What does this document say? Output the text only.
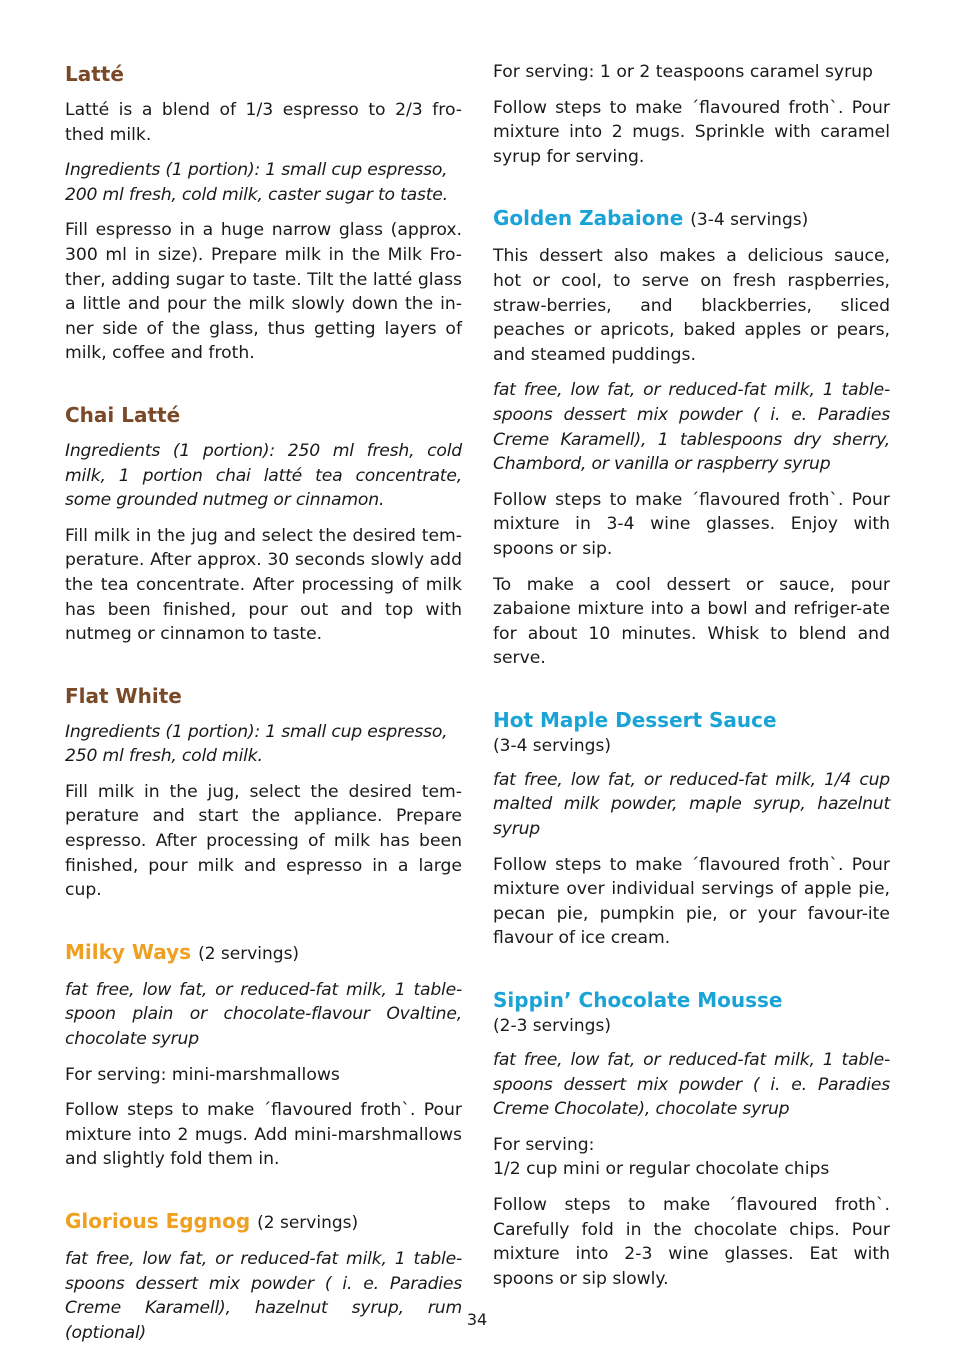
Latté

Latté is a blend of 1/3 espresso to 2/3 fro-thed milk.

Ingredients (1 portion): 1 small cup espresso, 200 ml fresh, cold milk, caster sugar to taste.

Fill espresso in a huge narrow glass (approx. 300 ml in size). Prepare milk in the Milk Fro-ther, adding sugar to taste. Tilt the latté glass a little and pour the milk slowly down the in-ner side of the glass, thus getting layers of milk, coffee and froth.

Chai Latté

Ingredients (1 portion): 250 ml fresh, cold milk, 1 portion chai latté tea concentrate, some grounded nutmeg or cinnamon.

Fill milk in the jug and select the desired tem-perature. After approx. 30 seconds slowly add the tea concentrate. After processing of milk has been finished, pour out and top with nutmeg or cinnamon to taste.

Flat White

Ingredients (1 portion): 1 small cup espresso, 250 ml fresh, cold milk.

Fill milk in the jug, select the desired tem-perature and start the appliance. Prepare espresso. After processing of milk has been finished, pour milk and espresso in a large cup.

Milky Ways (2 servings)

fat free, low fat, or reduced-fat milk, 1 table-spoon plain or chocolate-flavour Ovaltine, chocolate syrup

For serving: mini-marshmallows

Follow steps to make ´flavoured froth`. Pour mixture into 2 mugs. Add mini-marshmallows and slightly fold them in.

Glorious Eggnog (2 servings)

fat free, low fat, or reduced-fat milk, 1 table-spoons dessert mix powder ( i. e. Paradies Creme Karamell), hazelnut syrup, rum (optional)

For serving: 1 or 2 teaspoons caramel syrup

Follow steps to make ´flavoured froth`. Pour mixture into 2 mugs. Sprinkle with caramel syrup for serving.

Golden Zabaione (3-4 servings)

This dessert also makes a delicious sauce, hot or cool, to serve on fresh raspberries, straw-berries, and blackberries, sliced peaches or apricots, baked apples or pears, and steamed puddings.

fat free, low fat, or reduced-fat milk, 1 table-spoons dessert mix powder ( i. e. Paradies Creme Karamell), 1 tablespoons dry sherry, Chambord, or vanilla or raspberry syrup

Follow steps to make ´flavoured froth`. Pour mixture in 3-4 wine glasses. Enjoy with spoons or sip.

To make a cool dessert or sauce, pour zabaione mixture into a bowl and refriger-ate for about 10 minutes. Whisk to blend and serve.

Hot Maple Dessert Sauce
(3-4 servings)

fat free, low fat, or reduced-fat milk, 1/4 cup malted milk powder, maple syrup, hazelnut syrup

Follow steps to make ´flavoured froth`. Pour mixture over individual servings of apple pie, pecan pie, pumpkin pie, or your favour-ite flavour of ice cream.

Sippin’ Chocolate Mousse
(2-3 servings)

fat free, low fat, or reduced-fat milk, 1 table-spoons dessert mix powder ( i. e. Paradies Creme Chocolate), chocolate syrup

For serving:
1/2 cup mini or regular chocolate chips

Follow steps to make ´flavoured froth`. Carefully fold in the chocolate chips. Pour mixture into 2-3 wine glasses. Eat with spoons or sip slowly.

34
